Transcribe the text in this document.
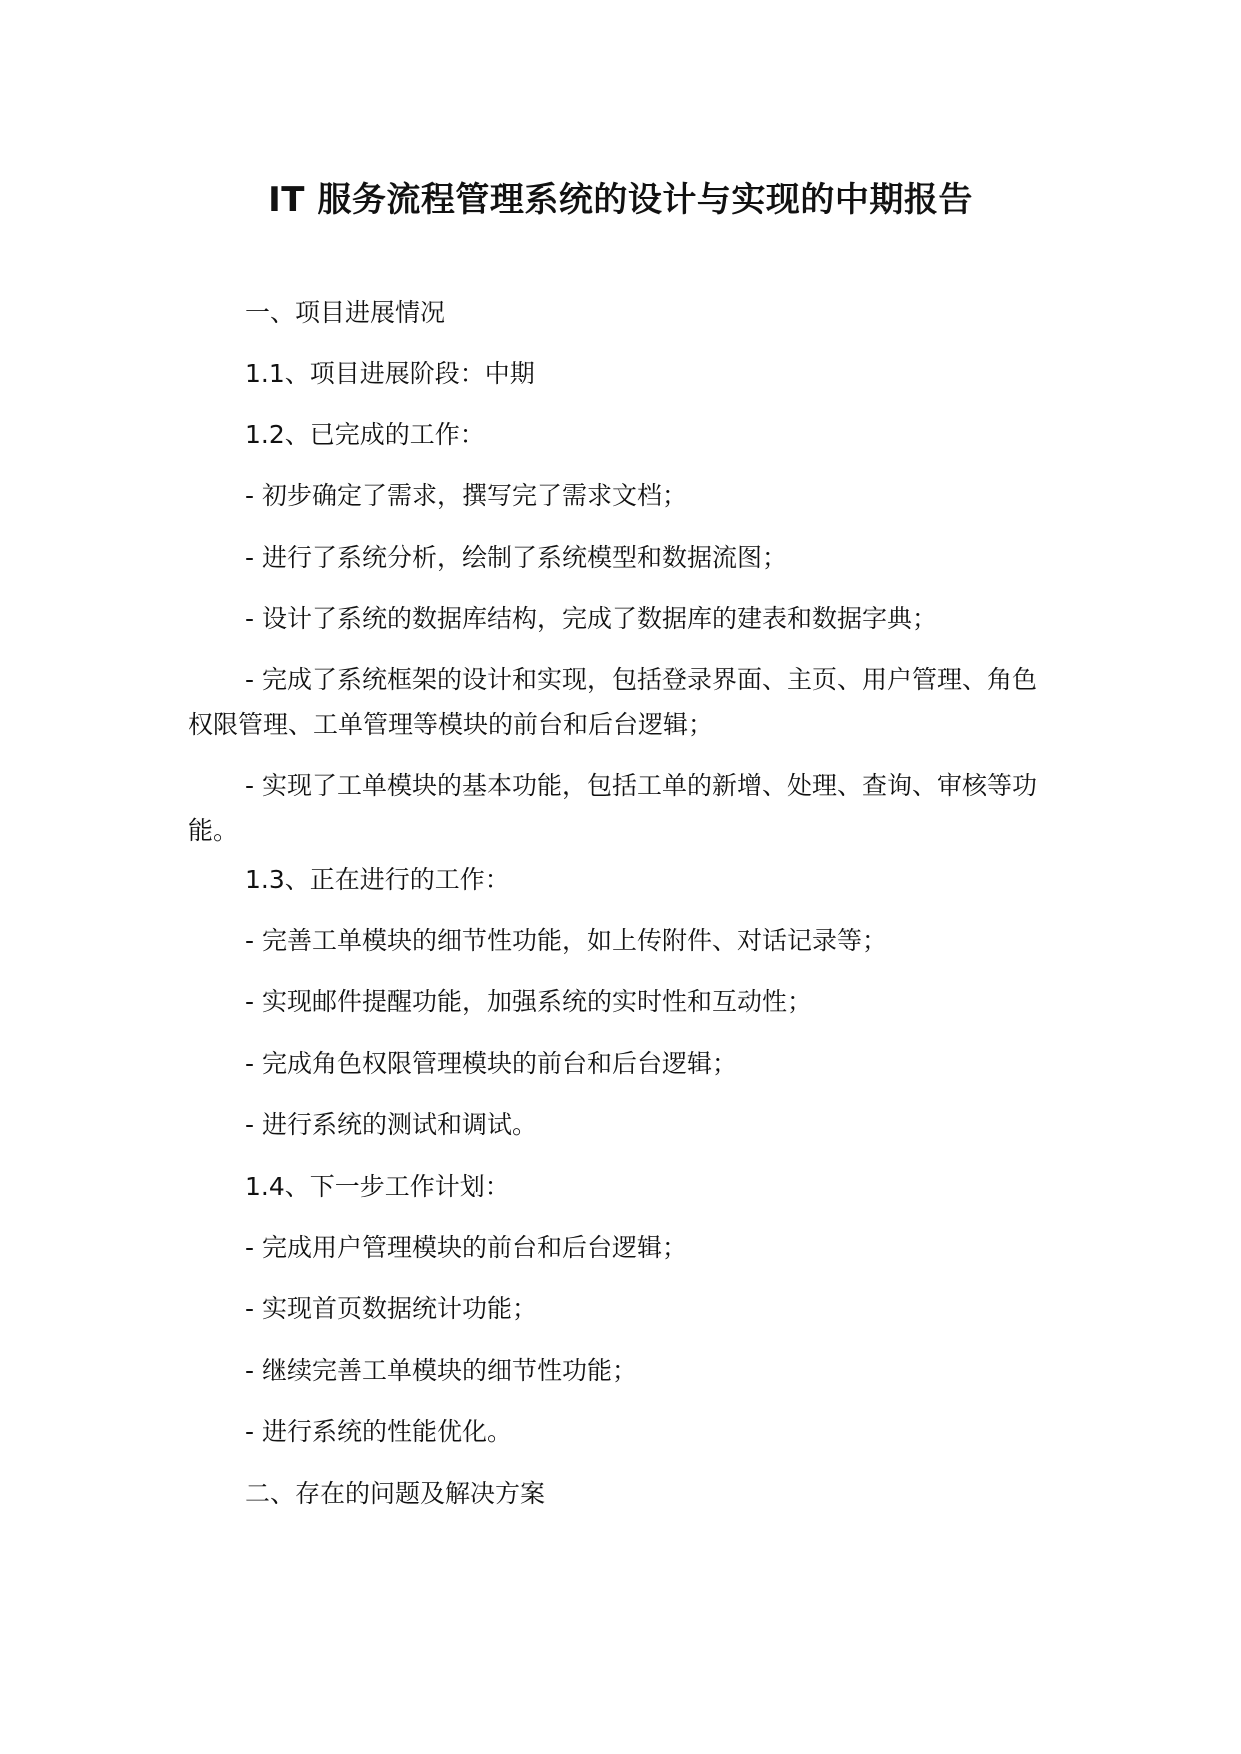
IT 服务流程管理系统的设计与实现的中期报告
一、项目进展情况
1.1、项目进展阶段：中期
1.2、已完成的工作：
- 初步确定了需求，撰写完了需求文档；
- 进行了系统分析，绘制了系统模型和数据流图；
- 设计了系统的数据库结构，完成了数据库的建表和数据字典；
- 完成了系统框架的设计和实现，包括登录界面、主页、用户管理、角色权限管理、工单管理等模块的前台和后台逻辑；
- 实现了工单模块的基本功能，包括工单的新增、处理、查询、审核等功能。
1.3、正在进行的工作：
- 完善工单模块的细节性功能，如上传附件、对话记录等；
- 实现邮件提醒功能，加强系统的实时性和互动性；
- 完成角色权限管理模块的前台和后台逻辑；
- 进行系统的测试和调试。
1.4、下一步工作计划：
- 完成用户管理模块的前台和后台逻辑；
- 实现首页数据统计功能；
- 继续完善工单模块的细节性功能；
- 进行系统的性能优化。
二、存在的问题及解决方案
